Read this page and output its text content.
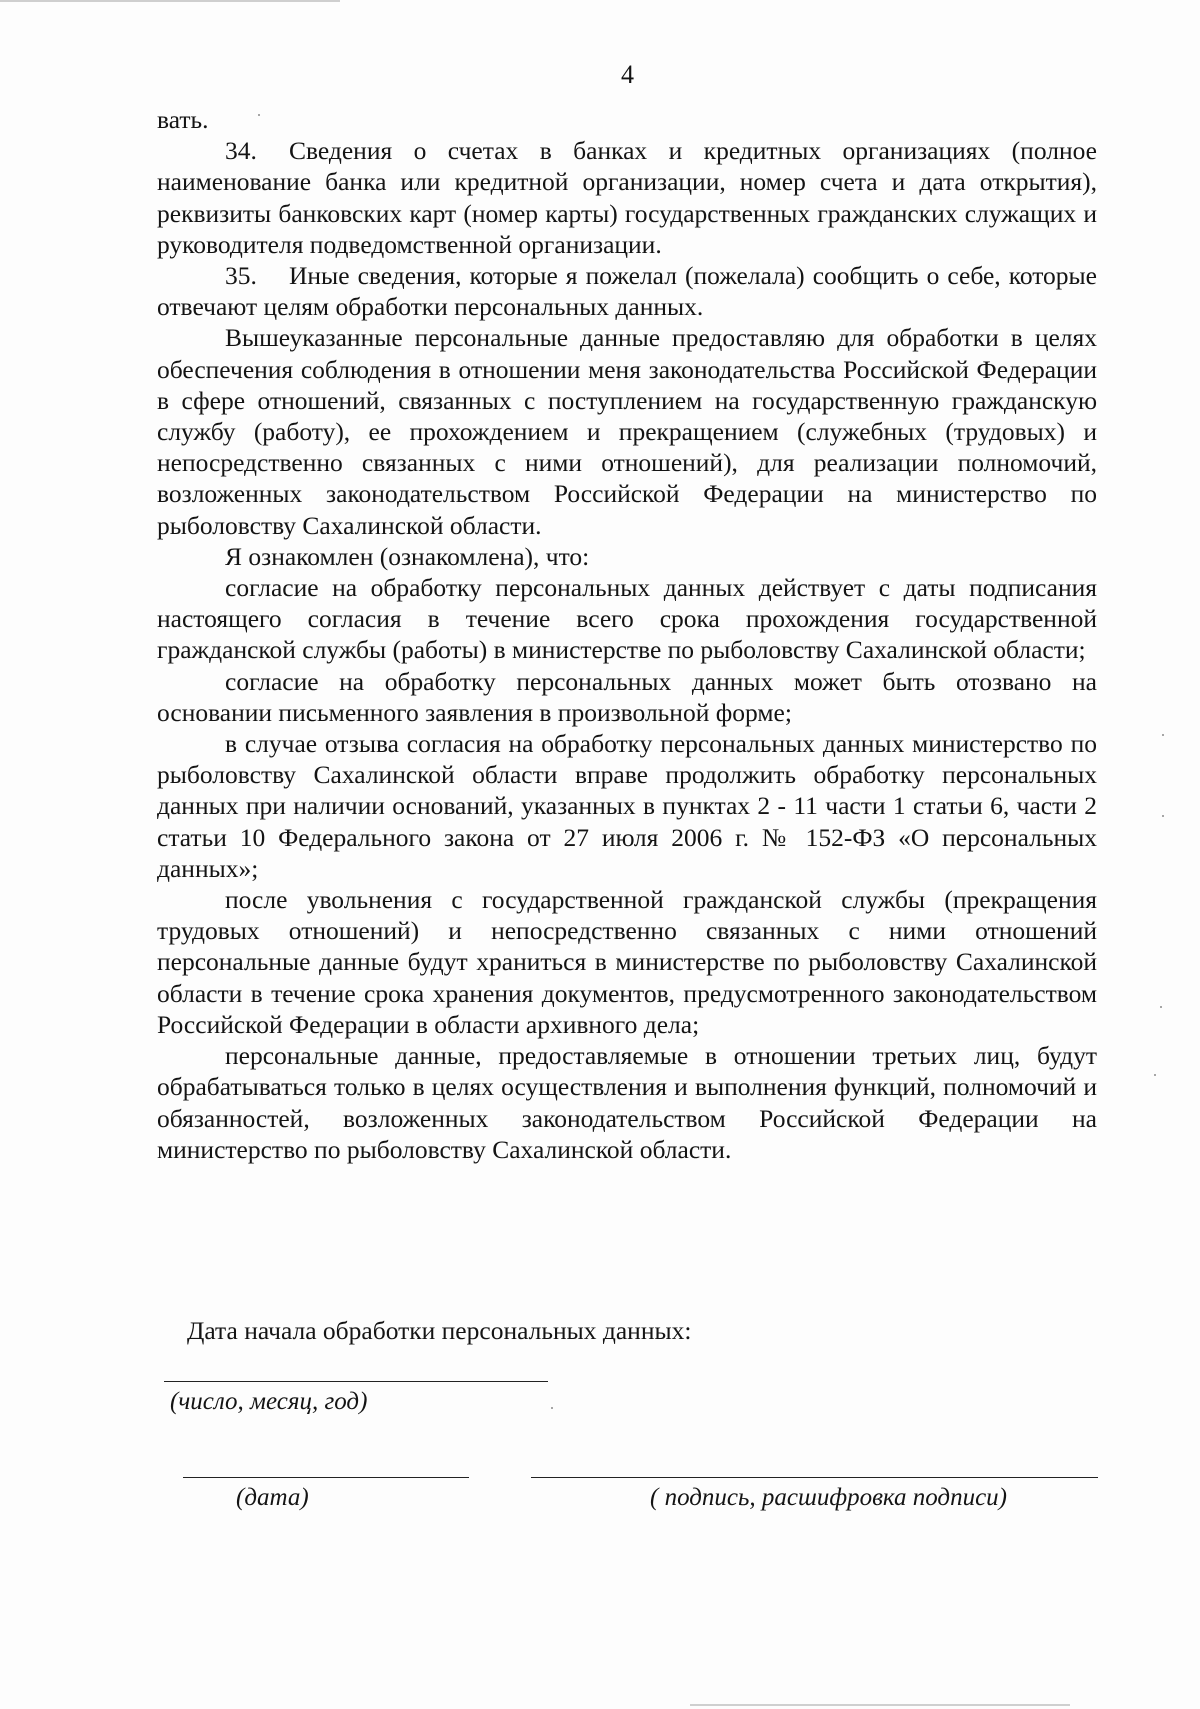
4

вать.

34. Сведения о счетах в банках и кредитных организациях (полное наименование банка или кредитной организации, номер счета и дата открытия), реквизиты банковских карт (номер карты) государственных гражданских служащих и руководителя подведомственной организации.

35. Иные сведения, которые я пожелал (пожелала) сообщить о себе, которые отвечают целям обработки персональных данных.

Вышеуказанные персональные данные предоставляю для обработки в целях обеспечения соблюдения в отношении меня законодательства Российской Федерации в сфере отношений, связанных с поступлением на государственную гражданскую службу (работу), ее прохождением и прекращением (служебных (трудовых) и непосредственно связанных с ними отношений), для реализации полномочий, возложенных законодательством Российской Федерации на министерство по рыболовству Сахалинской области.

Я ознакомлен (ознакомлена), что:

согласие на обработку персональных данных действует с даты подписания настоящего согласия в течение всего срока прохождения государственной гражданской службы (работы) в министерстве по рыболовству Сахалинской области;

согласие на обработку персональных данных может быть отозвано на основании письменного заявления в произвольной форме;

в случае отзыва согласия на обработку персональных данных министерство по рыболовству Сахалинской области вправе продолжить обработку персональных данных при наличии оснований, указанных в пунктах 2 - 11 части 1 статьи 6, части 2 статьи 10 Федерального закона от 27 июля 2006 г. № 152-ФЗ «О персональных данных»;

после увольнения с государственной гражданской службы (прекращения трудовых отношений) и непосредственно связанных с ними отношений персональные данные будут храниться в министерстве по рыболовству Сахалинской области в течение срока хранения документов, предусмотренного законодательством Российской Федерации в области архивного дела;

персональные данные, предоставляемые в отношении третьих лиц, будут обрабатываться только в целях осуществления и выполнения функций, полномочий и обязанностей, возложенных законодательством Российской Федерации на министерство по рыболовству Сахалинской области.

Дата начала обработки персональных данных:
(число, месяц, год)
(дата)	( подпись, расшифровка подписи)
